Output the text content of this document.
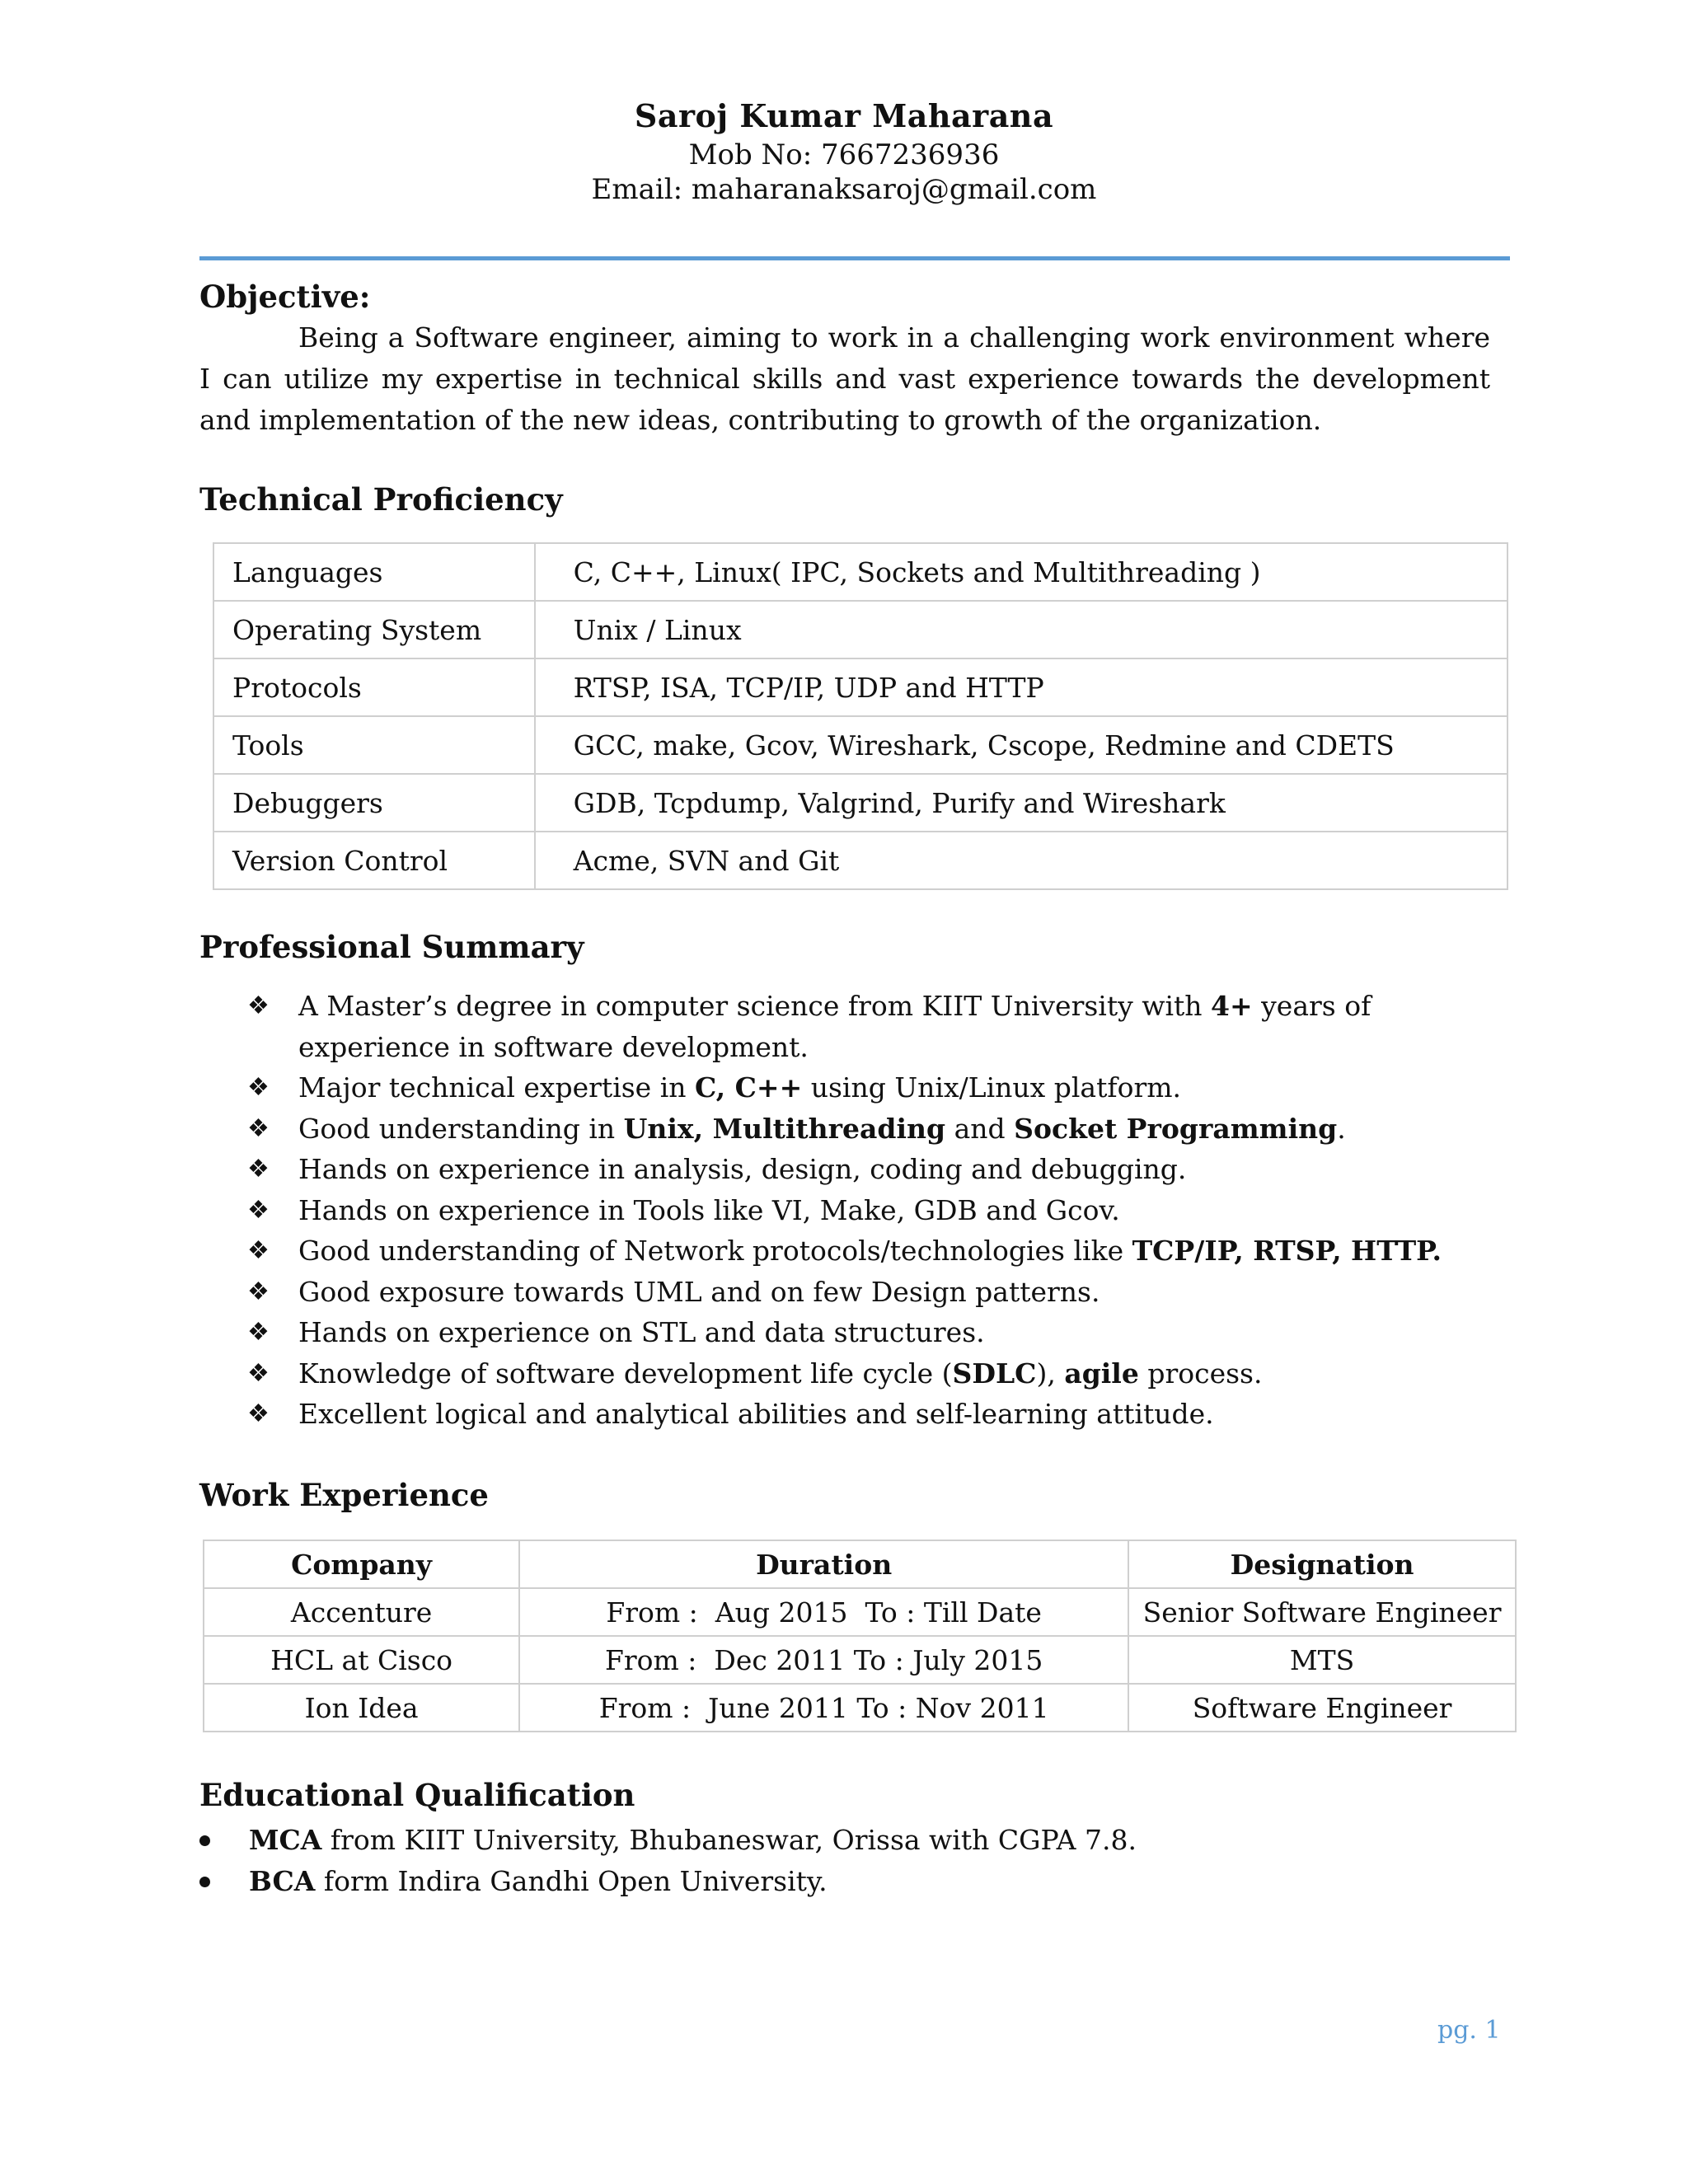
Saroj Kumar Maharana
Mob No: 7667236936
Email: maharanaksaroj@gmail.com
Objective:
Being a Software engineer, aiming to work in a challenging work environment where I can utilize my expertise in technical skills and vast experience towards the development and implementation of the new ideas, contributing to growth of the organization.
Technical Proficiency
Languages	C, C++, Linux( IPC, Sockets and Multithreading )
Operating System	Unix / Linux
Protocols	RTSP, ISA, TCP/IP, UDP and HTTP
Tools	GCC, make, Gcov, Wireshark, Cscope, Redmine and CDETS
Debuggers	GDB, Tcpdump, Valgrind, Purify and Wireshark
Version Control	Acme, SVN and Git
Professional Summary
❖ A Master’s degree in computer science from KIIT University with 4+ years of experience in software development.
❖ Major technical expertise in C, C++ using Unix/Linux platform.
❖ Good understanding in Unix, Multithreading and Socket Programming.
❖ Hands on experience in analysis, design, coding and debugging.
❖ Hands on experience in Tools like VI, Make, GDB and Gcov.
❖ Good understanding of Network protocols/technologies like TCP/IP, RTSP, HTTP.
❖ Good exposure towards UML and on few Design patterns.
❖ Hands on experience on STL and data structures.
❖ Knowledge of software development life cycle (SDLC), agile process.
❖ Excellent logical and analytical abilities and self-learning attitude.
Work Experience
Company	Duration	Designation
Accenture	From :  Aug 2015  To : Till Date	Senior Software Engineer
HCL at Cisco	From :  Dec 2011 To : July 2015	MTS
Ion Idea	From :  June 2011 To : Nov 2011	Software Engineer
Educational Qualification
MCA from KIIT University, Bhubaneswar, Orissa with CGPA 7.8.
BCA form Indira Gandhi Open University.
pg. 1
